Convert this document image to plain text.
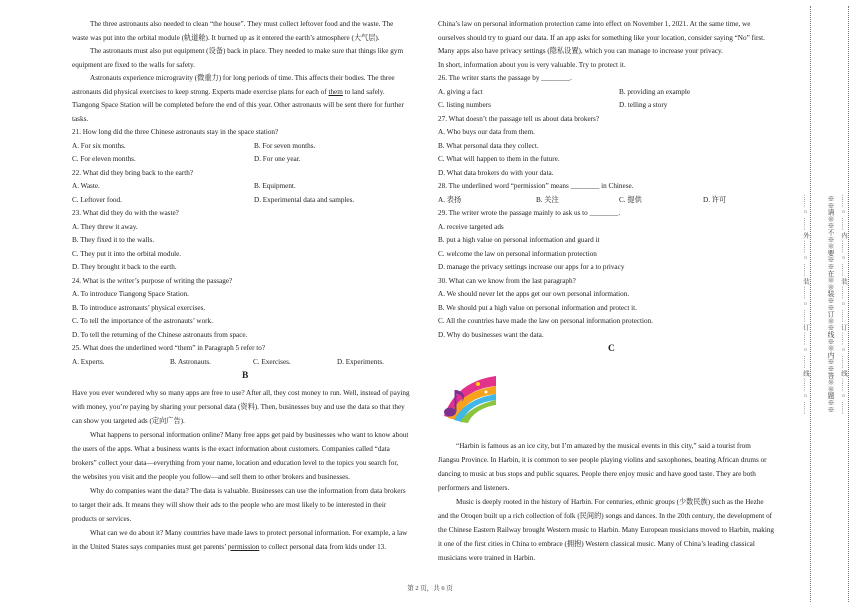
The three astronauts also needed to clean “the house”. They must collect leftover food and the waste. The
waste was put into the orbital module (轨道舱). It burned up as it entered the earth’s atmosphere (大气层).
The astronauts must also put equipment (设备) back in place. They needed to make sure that things like gym
equipment are fixed to the walls for safety.
Astronauts experience microgravity (微重力) for long periods of time. This affects their bodies. The three
astronauts did physical exercises to keep strong. Experts made exercise plans for each of them to land safely.
Tiangong Space Station will be completed before the end of this year. Other astronauts will be sent there for further
tasks.
21. How long did the three Chinese astronauts stay in the space station?
A. For six months.	B. For seven months.
C. For eleven months.	D. For one year.
22. What did they bring back to the earth?
A. Waste.	B. Equipment.
C. Leftover food.	D. Experimental data and samples.
23. What did they do with the waste?
A. They threw it away.
B. They fixed it to the walls.
C. They put it into the orbital module.
D. They brought it back to the earth.
24. What is the writer’s purpose of writing the passage?
A. To introduce Tiangong Space Station.
B. To introduce astronauts’ physical exercises.
C. To tell the importance of the astronauts’ work.
D. To tell the returning of the Chinese astronauts from space.
25. What does the underlined word “them” in Paragraph 5 refer to?
A. Experts.	B. Astronauts.	C. Exercises.	D. Experiments.
B
Have you ever wondered why so many apps are free to use? After all, they cost money to run. Well, instead of paying
with money, you’re paying by sharing your personal data (资料). Then, businesses buy and use the data so that they
can show you targeted ads (定向广告).
What happens to personal information online? Many free apps get paid by businesses who want to know about
the users of the apps. What a business wants is the exact information about customers. Companies called “data
brokers” collect your data—everything from your name, location and education level to the topics you search for,
the websites you visit and the people you follow—and sell them to other brokers and businesses.
Why do companies want the data? The data is valuable. Businesses can use the information from data brokers
to target their ads. It means they will show their ads to the people who are most likely to be interested in their
products or services.
What can we do about it? Many countries have made laws to protect personal information. For example, a law
in the United States says companies must get parents’ permission to collect personal data from kids under 13.
China’s law on personal information protection came into effect on November 1, 2021. At the same time, we
ourselves should try to guard our data. If an app asks for something like your location, consider saying “No” first.
Many apps also have privacy settings (隐私设置), which you can manage to increase your privacy.
In short, information about you is very valuable. Try to protect it.
26. The writer starts the passage by ________.
A. giving a fact	B. providing an example
C. listing numbers	D. telling a story
27. What doesn’t the passage tell us about data brokers?
A. Who buys our data from them.
B. What personal data they collect.
C. What will happen to them in the future.
D. What data brokers do with your data.
28. The underlined word “permission” means ________ in Chinese.
A. 表扬	B. 关注	C. 提供	D. 许可
29. The writer wrote the passage mainly to ask us to ________.
A. receive targeted ads
B. put a high value on personal information and guard it
C. welcome the law on personal information protection
D. manage the privacy settings increase our apps for a to privacy
30. What can we know from the last paragraph?
A. We should never let the apps get our own personal information.
B. We should put a high value on personal information and protect it.
C. All the countries have made the law on personal information protection.
D. Why do businesses want the data.
C
“Harbin is famous as an ice city, but I’m amazed by the musical events in this city,” said a tourist from
Jiangsu Province. In Harbin, it is common to see people playing violins and saxophones, beating African drums or
dancing to music at bus stops and public squares. People there enjoy music and have good taste. They are both
performers and listeners.
Music is deeply rooted in the history of Harbin. For centuries, ethnic groups (少数民族) such as the Hezhe
and the Oroqen built up a rich collection of folk (民间的) songs and dances. In the 20th century, the development of
the Chinese Eastern Railway brought Western music to Harbin. Many European musicians moved to Harbin, making
it one of the first cities in China to embrace (拥抱) Western classical music. Many of China’s leading classical
musicians were trained in Harbin.
第 2 页，共 6 页
…… ○ …… 外 …… ○ …… 装 …… ○ …… 订 …… ○ …… 线 …… ○ ……	※※请※※不※※要※※在※※装※※订※※线※※内※※答※※题※※	…… ○ …… 内 …… ○ …… 装 …… ○ …… 订 …… ○ …… 线 …… ○ ……
